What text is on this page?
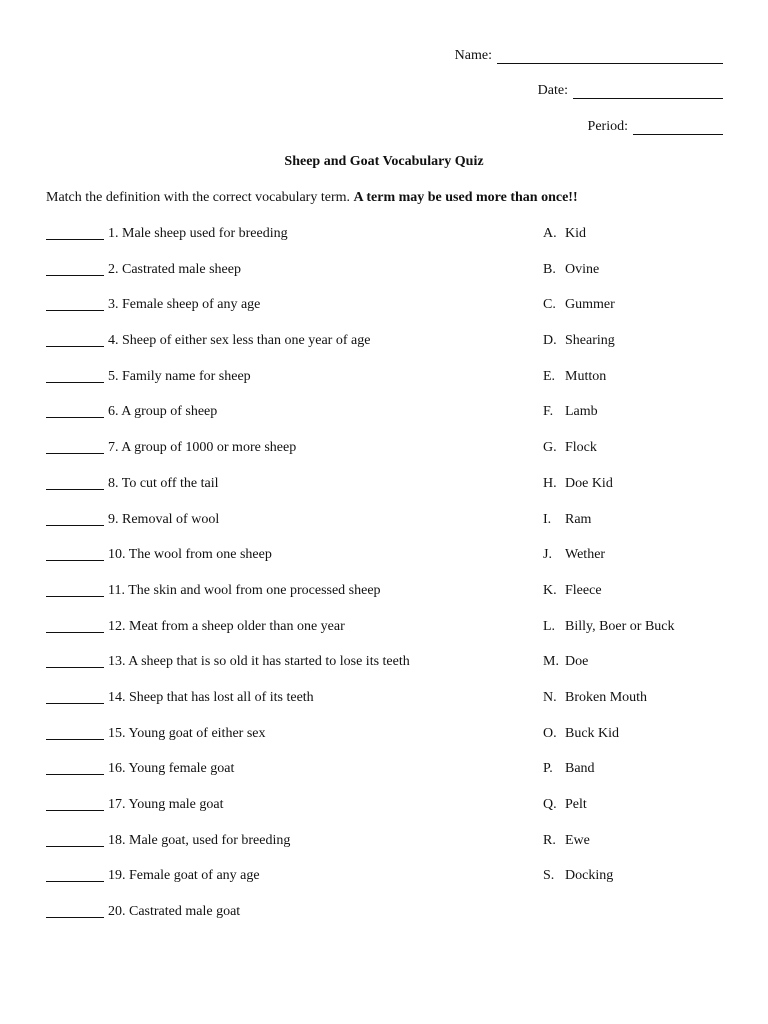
Name:
Date:
Period:
Sheep and Goat Vocabulary Quiz
Match the definition with the correct vocabulary term. A term may be used more than once!!
1. Male sheep used for breeding
2. Castrated male sheep
3. Female sheep of any age
4. Sheep of either sex less than one year of age
5. Family name for sheep
6. A group of sheep
7. A group of 1000 or more sheep
8. To cut off the tail
9. Removal of wool
10. The wool from one sheep
11. The skin and wool from one processed sheep
12. Meat from a sheep older than one year
13. A sheep that is so old it has started to lose its teeth
14. Sheep that has lost all of its teeth
15. Young goat of either sex
16. Young female goat
17. Young male goat
18. Male goat, used for breeding
19. Female goat of any age
20. Castrated male goat
A. Kid
B. Ovine
C. Gummer
D. Shearing
E. Mutton
F. Lamb
G. Flock
H. Doe Kid
I. Ram
J. Wether
K. Fleece
L. Billy, Boer or Buck
M. Doe
N. Broken Mouth
O. Buck Kid
P. Band
Q. Pelt
R. Ewe
S. Docking
